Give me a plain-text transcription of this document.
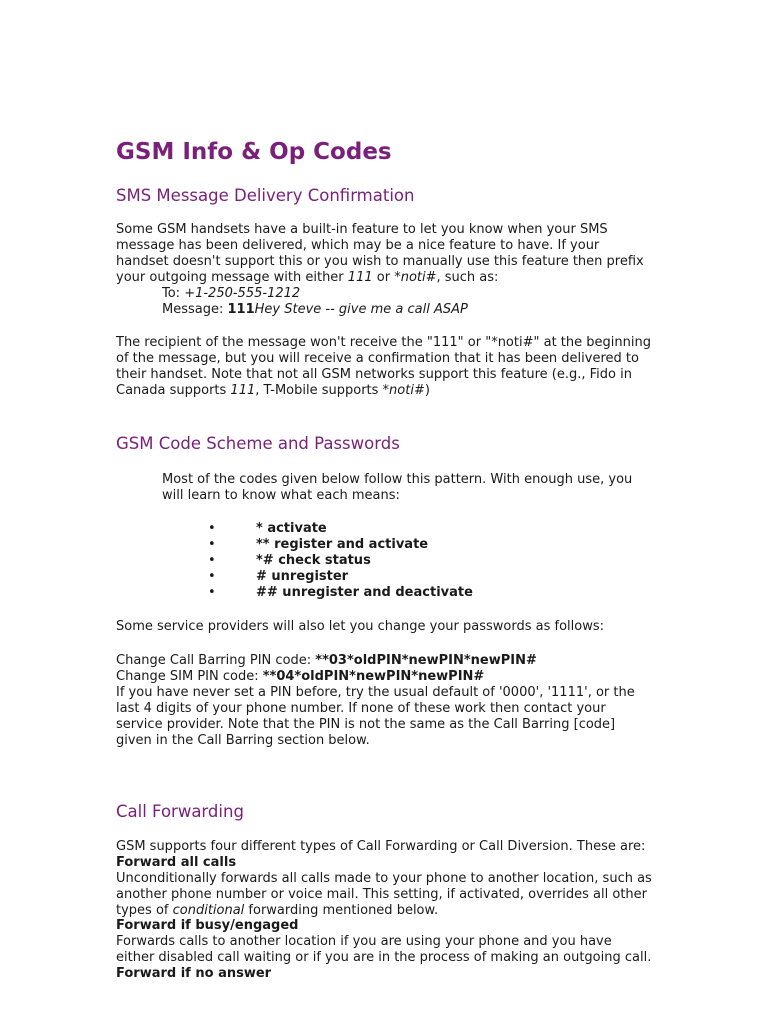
GSM Info & Op Codes
SMS Message Delivery Confirmation
Some GSM handsets have a built-in feature to let you know when your SMS
message has been delivered, which may be a nice feature to have. If your
handset doesn't support this or you wish to manually use this feature then prefix
your outgoing message with either 111 or *noti#, such as:
To: +1-250-555-1212
Message: 111Hey Steve -- give me a call ASAP
The recipient of the message won't receive the "111" or "*noti#" at the beginning
of the message, but you will receive a confirmation that it has been delivered to
their handset. Note that not all GSM networks support this feature (e.g., Fido in
Canada supports 111, T-Mobile supports *noti#)
GSM Code Scheme and Passwords
Most of the codes given below follow this pattern. With enough use, you
will learn to know what each means:
•	* activate
•	** register and activate
•	*# check status
•	# unregister
•	## unregister and deactivate
Some service providers will also let you change your passwords as follows:
Change Call Barring PIN code: **03*oldPIN*newPIN*newPIN#
Change SIM PIN code: **04*oldPIN*newPIN*newPIN#
If you have never set a PIN before, try the usual default of '0000', '1111', or the
last 4 digits of your phone number. If none of these work then contact your
service provider. Note that the PIN is not the same as the Call Barring [code]
given in the Call Barring section below.
Call Forwarding
GSM supports four different types of Call Forwarding or Call Diversion. These are:
Forward all calls
Unconditionally forwards all calls made to your phone to another location, such as
another phone number or voice mail. This setting, if activated, overrides all other
types of conditional forwarding mentioned below.
Forward if busy/engaged
Forwards calls to another location if you are using your phone and you have
either disabled call waiting or if you are in the process of making an outgoing call.
Forward if no answer
